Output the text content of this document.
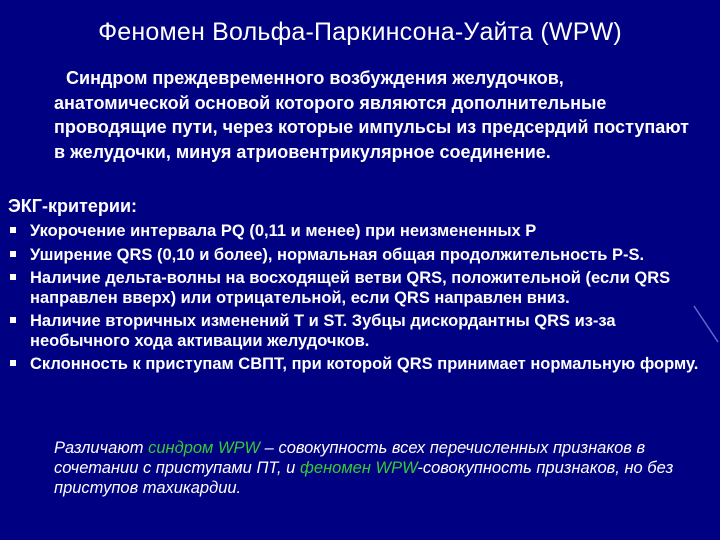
Феномен Вольфа-Паркинсона-Уайта (WPW)

Синдром преждевременного возбуждения желудочков, анатомической основой которого являются дополнительные проводящие пути, через которые импульсы из предсердий поступают в желудочки, минуя атриовентрикулярное соединение.

ЭКГ-критерии:

Укорочение интервала PQ (0,11 и менее) при неизмененных Р
Уширение QRS (0,10 и более), нормальная общая продолжительность P-S.
Наличие дельта-волны на восходящей ветви QRS, положительной (если QRS направлен вверх) или отрицательной, если QRS направлен вниз.
Наличие вторичных изменений T и ST. Зубцы дискордантны QRS из-за необычного хода активации желудочков.
Склонность к приступам СВПТ, при которой QRS принимает нормальную форму.

Различают синдром WPW – совокупность всех перечисленных признаков в сочетании с приступами ПТ, и феномен WPW-совокупность признаков, но без приступов тахикардии.
